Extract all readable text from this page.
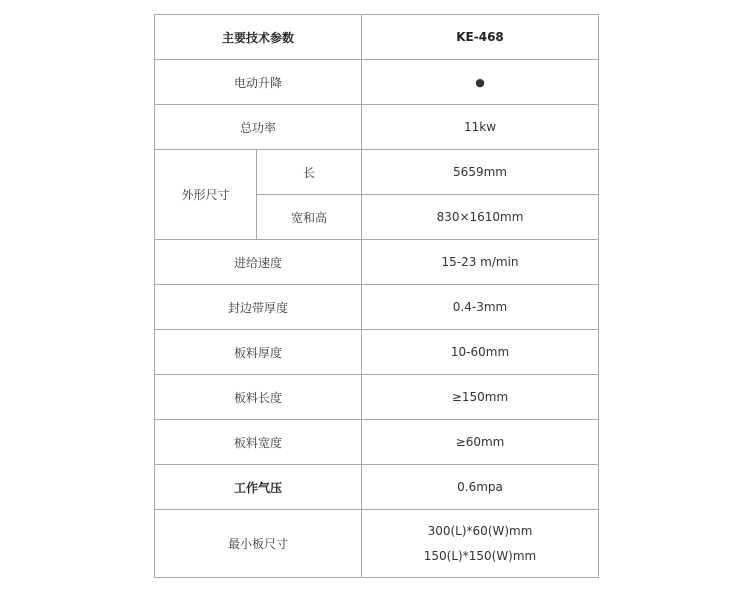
主要技术参数		KE-468
电动升降		●
总功率		11kw
外形尺寸	长	5659mm
	宽和高	830×1610mm
进给速度		15-23 m/min
封边带厚度		0.4-3mm
板料厚度		10-60mm
板料长度		≥150mm
板料宽度		≥60mm
工作气压		0.6mpa
最小板尺寸		300(L)*60(W)mm
150(L)*150(W)mm
